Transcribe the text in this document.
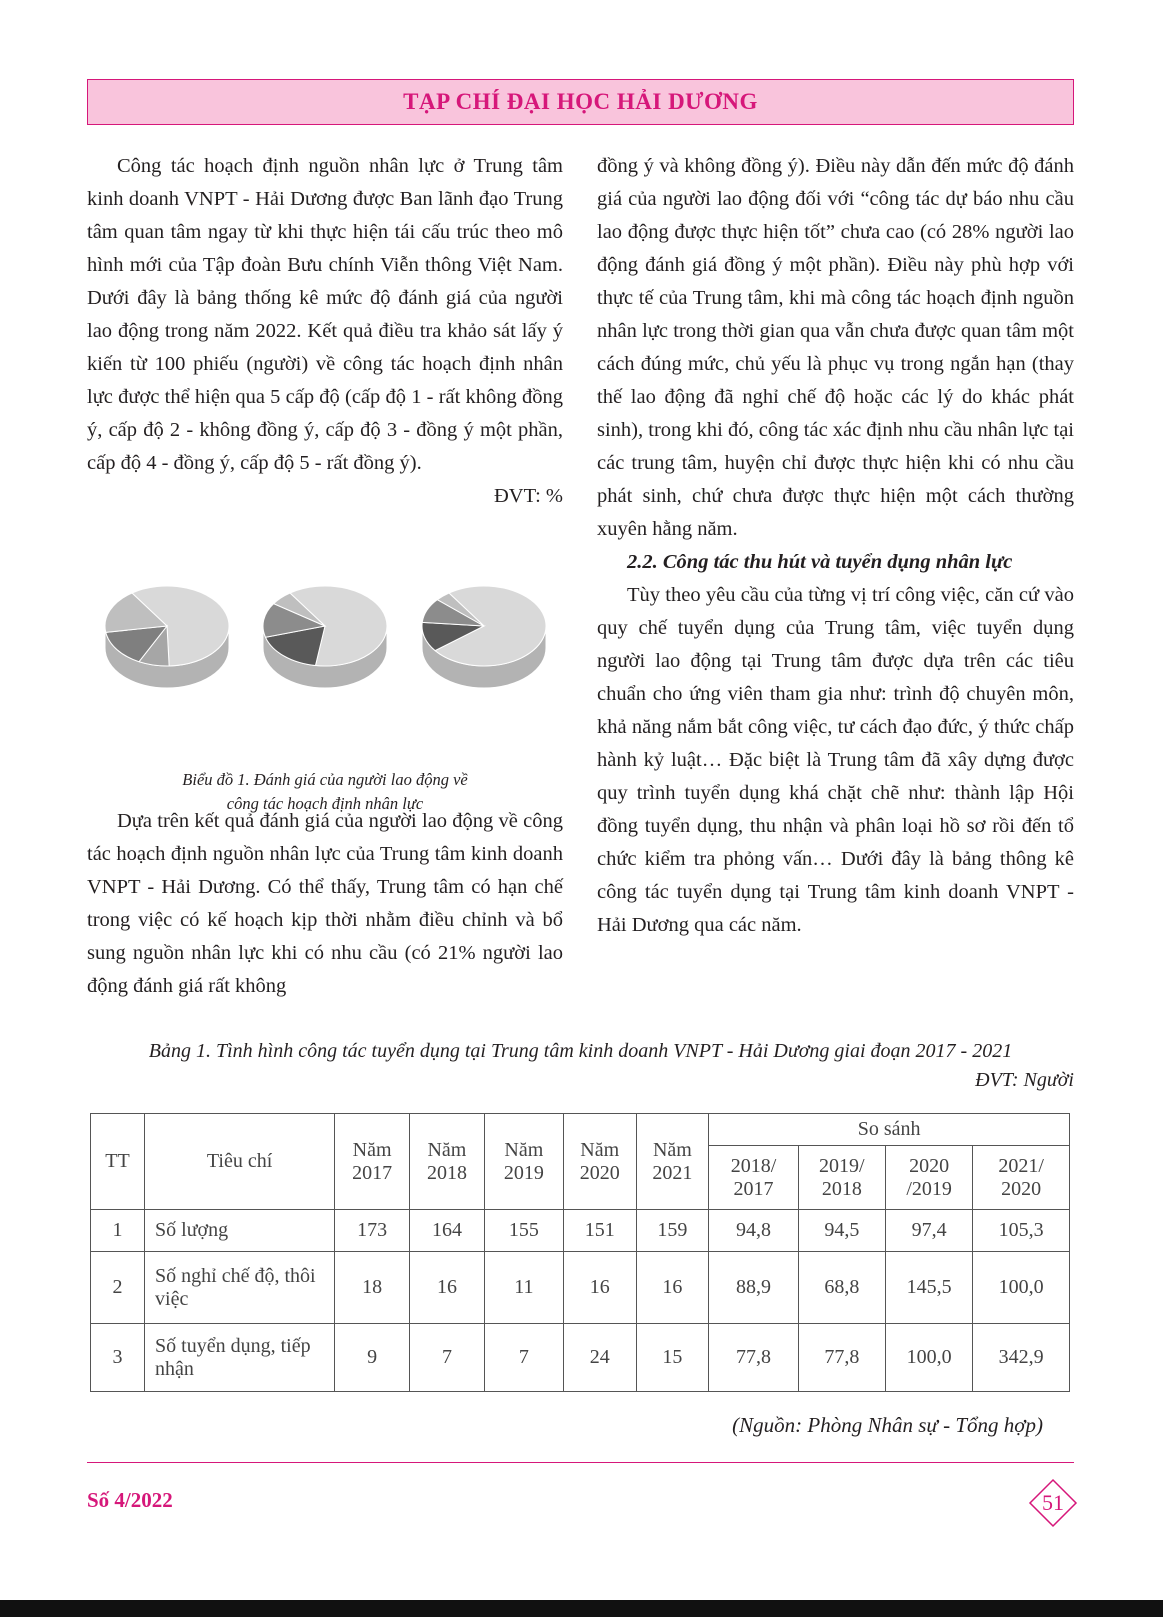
TẠP CHÍ ĐẠI HỌC HẢI DƯƠNG

Công tác hoạch định nguồn nhân lực ở Trung tâm kinh doanh VNPT - Hải Dương được Ban lãnh đạo Trung tâm quan tâm ngay từ khi thực hiện tái cấu trúc theo mô hình mới của Tập đoàn Bưu chính Viễn thông Việt Nam. Dưới đây là bảng thống kê mức độ đánh giá của người lao động trong năm 2022. Kết quả điều tra khảo sát lấy ý kiến từ 100 phiếu (người) về công tác hoạch định nhân lực được thể hiện qua 5 cấp độ (cấp độ 1 - rất không đồng ý, cấp độ 2 - không đồng ý, cấp độ 3 - đồng ý một phần, cấp độ 4 - đồng ý, cấp độ 5 - rất đồng ý).

ĐVT: %

Biểu đồ 1. Đánh giá của người lao động về
công tác hoạch định nhân lực

Dựa trên kết quả đánh giá của người lao động về công tác hoạch định nguồn nhân lực của Trung tâm kinh doanh VNPT - Hải Dương. Có thể thấy, Trung tâm có hạn chế trong việc có kế hoạch kịp thời nhằm điều chỉnh và bổ sung nguồn nhân lực khi có nhu cầu (có 21% người lao động đánh giá rất không

đồng ý và không đồng ý). Điều này dẫn đến mức độ đánh giá của người lao động đối với “công tác dự báo nhu cầu lao động được thực hiện tốt” chưa cao (có 28% người lao động đánh giá đồng ý một phần). Điều này phù hợp với thực tế của Trung tâm, khi mà công tác hoạch định nguồn nhân lực trong thời gian qua vẫn chưa được quan tâm một cách đúng mức, chủ yếu là phục vụ trong ngắn hạn (thay thế lao động đã nghỉ chế độ hoặc các lý do khác phát sinh), trong khi đó, công tác xác định nhu cầu nhân lực tại các trung tâm, huyện chỉ được thực hiện khi có nhu cầu phát sinh, chứ chưa được thực hiện một cách thường xuyên hằng năm.

2.2. Công tác thu hút và tuyển dụng nhân lực

Tùy theo yêu cầu của từng vị trí công việc, căn cứ vào quy chế tuyển dụng của Trung tâm, việc tuyển dụng người lao động tại Trung tâm được dựa trên các tiêu chuẩn cho ứng viên tham gia như: trình độ chuyên môn, khả năng nắm bắt công việc, tư cách đạo đức, ý thức chấp hành kỷ luật… Đặc biệt là Trung tâm đã xây dựng được quy trình tuyển dụng khá chặt chẽ như: thành lập Hội đồng tuyển dụng, thu nhận và phân loại hồ sơ rồi đến tổ chức kiểm tra phỏng vấn… Dưới đây là bảng thông kê công tác tuyển dụng tại Trung tâm kinh doanh VNPT - Hải Dương qua các năm.

Bảng 1. Tình hình công tác tuyển dụng tại Trung tâm kinh doanh VNPT - Hải Dương giai đoạn 2017 - 2021
ĐVT: Người
TT	Tiêu chí	Năm 2017	Năm 2018	Năm 2019	Năm 2020	Năm 2021	So sánh			
							2018/ 2017	2019/ 2018	2020 /2019	2021/ 2020
1	Số lượng	173	164	155	151	159	94,8	94,5	97,4	105,3
2	Số nghỉ chế độ, thôi việc	18	16	11	16	16	88,9	68,8	145,5	100,0
3	Số tuyển dụng, tiếp nhận	9	7	7	24	15	77,8	77,8	100,0	342,9
(Nguồn: Phòng Nhân sự - Tổng hợp)
Số 4/2022	51
